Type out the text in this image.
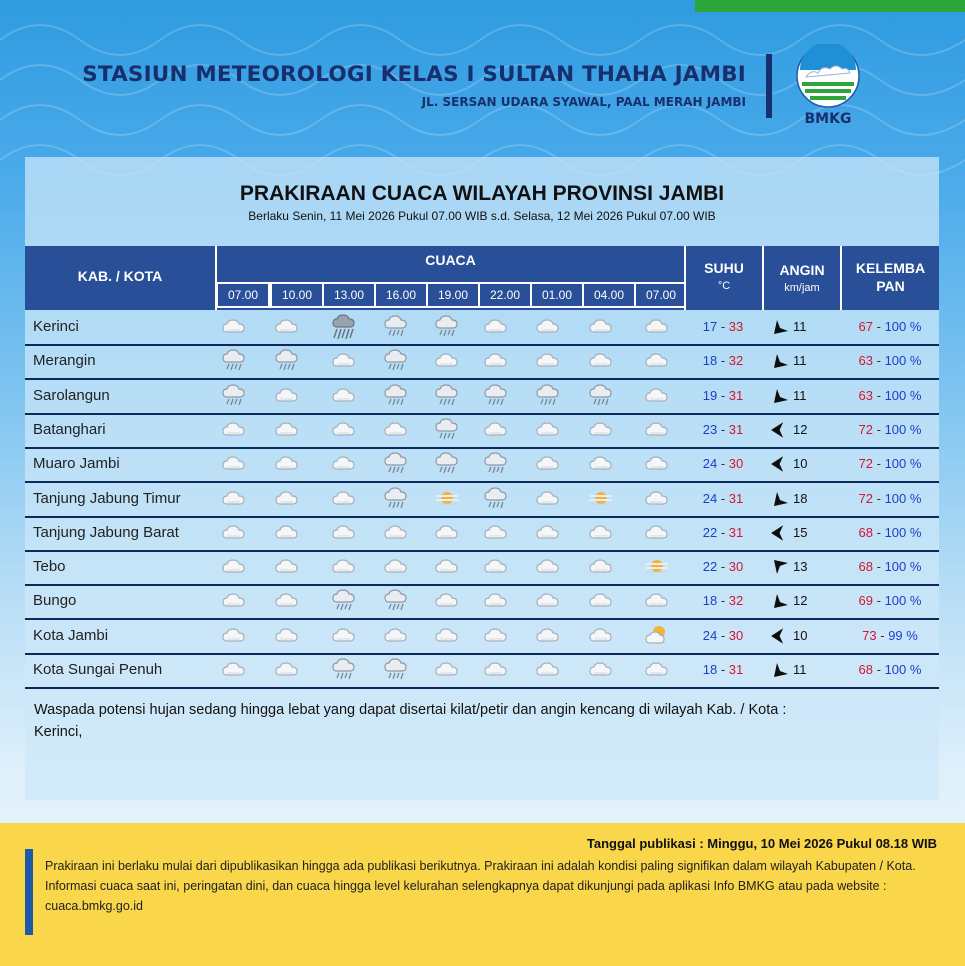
STASIUN METEOROLOGI KELAS I SULTAN THAHA JAMBI
JL. SERSAN UDARA SYAWAL, PAAL MERAH JAMBI
BMKG
PRAKIRAAN CUACA WILAYAH PROVINSI JAMBI
Berlaku Senin, 11 Mei 2026 Pukul 07.00 WIB s.d. Selasa, 12 Mei 2026 Pukul 07.00 WIB
KAB. / KOTA
CUACA
07.00	10.00	13.00	16.00	19.00	22.00	01.00	04.00	07.00
SUHU
°C
ANGIN
km/jam
KELEMBA
PAN
Kerinci	17 - 33	11	67 - 100 %
Merangin	18 - 32	11	63 - 100 %
Sarolangun	19 - 31	11	63 - 100 %
Batanghari	23 - 31	12	72 - 100 %
Muaro Jambi	24 - 30	10	72 - 100 %
Tanjung Jabung Timur	24 - 31	18	72 - 100 %
Tanjung Jabung Barat	22 - 31	15	68 - 100 %
Tebo	22 - 30	13	68 - 100 %
Bungo	18 - 32	12	69 - 100 %
Kota Jambi	24 - 30	10	73 - 99 %
Kota Sungai Penuh	18 - 31	11	68 - 100 %
Waspada potensi hujan sedang hingga lebat yang dapat disertai kilat/petir dan angin kencang di wilayah Kab. / Kota :
Kerinci,
Tanggal publikasi : Minggu, 10 Mei 2026 Pukul 08.18 WIB
Prakiraan ini berlaku mulai dari dipublikasikan hingga ada publikasi berikutnya. Prakiraan ini adalah kondisi paling signifikan dalam wilayah Kabupaten / Kota. Informasi cuaca saat ini, peringatan dini, dan cuaca hingga level kelurahan selengkapnya dapat dikunjungi pada aplikasi Info BMKG atau pada website : cuaca.bmkg.go.id
